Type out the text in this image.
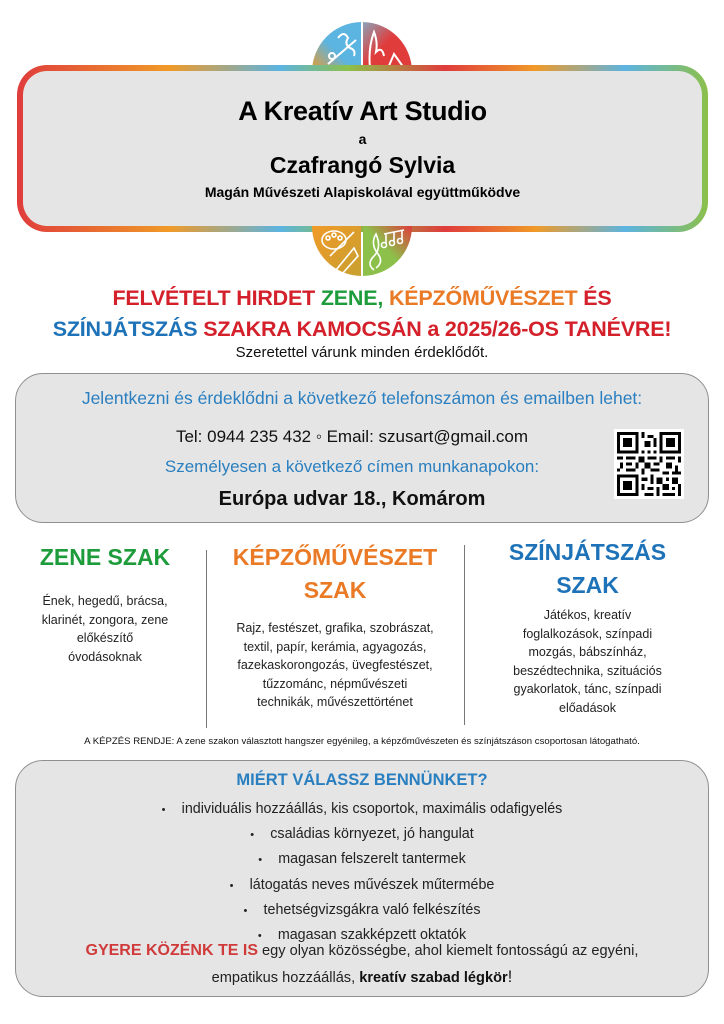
A Kreatív Art Studio
a
Czafrangó Sylvia
Magán Művészeti Alapiskolával együttműködve
FELVÉTELT HIRDET ZENE, KÉPZŐMŰVÉSZET ÉS
SZÍNJÁTSZÁS SZAKRA KAMOCSÁN a 2025/26-OS TANÉVRE!
Szeretettel várunk minden érdeklődőt.
Jelentkezni és érdeklődni a következő telefonszámon és emailben lehet:
Tel: 0944 235 432 ◦ Email: szusart@gmail.com
Személyesen a következő címen munkanapokon:
Európa udvar 18., Komárom
ZENE SZAK
Ének, hegedű, brácsa,
klarinét, zongora, zene
előkészítő
óvodásoknak
KÉPZŐMŰVÉSZET
SZAK
Rajz, festészet, grafika, szobrászat,
textil, papír, kerámia, agyagozás,
fazekaskorongozás, üvegfestészet,
tűzzománc, népművészeti
technikák, művészettörténet
SZÍNJÁTSZÁS
SZAK
Játékos, kreatív
foglalkozások, színpadi
mozgás, bábszínház,
beszédtechnika, szituációs
gyakorlatok, tánc, színpadi
előadások
A KÉPZÉS RENDJE: A zene szakon választott hangszer egyénileg, a képzőművészeten és színjátszáson csoportosan látogatható.
MIÉRT VÁLASSZ BENNÜNKET?
• individuális hozzáállás, kis csoportok, maximális odafigyelés
• családias környezet, jó hangulat
• magasan felszerelt tantermek
• látogatás neves művészek műtermébe
• tehetségvizsgákra való felkészítés
• magasan szakképzett oktatók
GYERE KÖZÉNK TE IS egy olyan közösségbe, ahol kiemelt fontosságú az egyéni,
empatikus hozzáállás, kreatív szabad légkör!
